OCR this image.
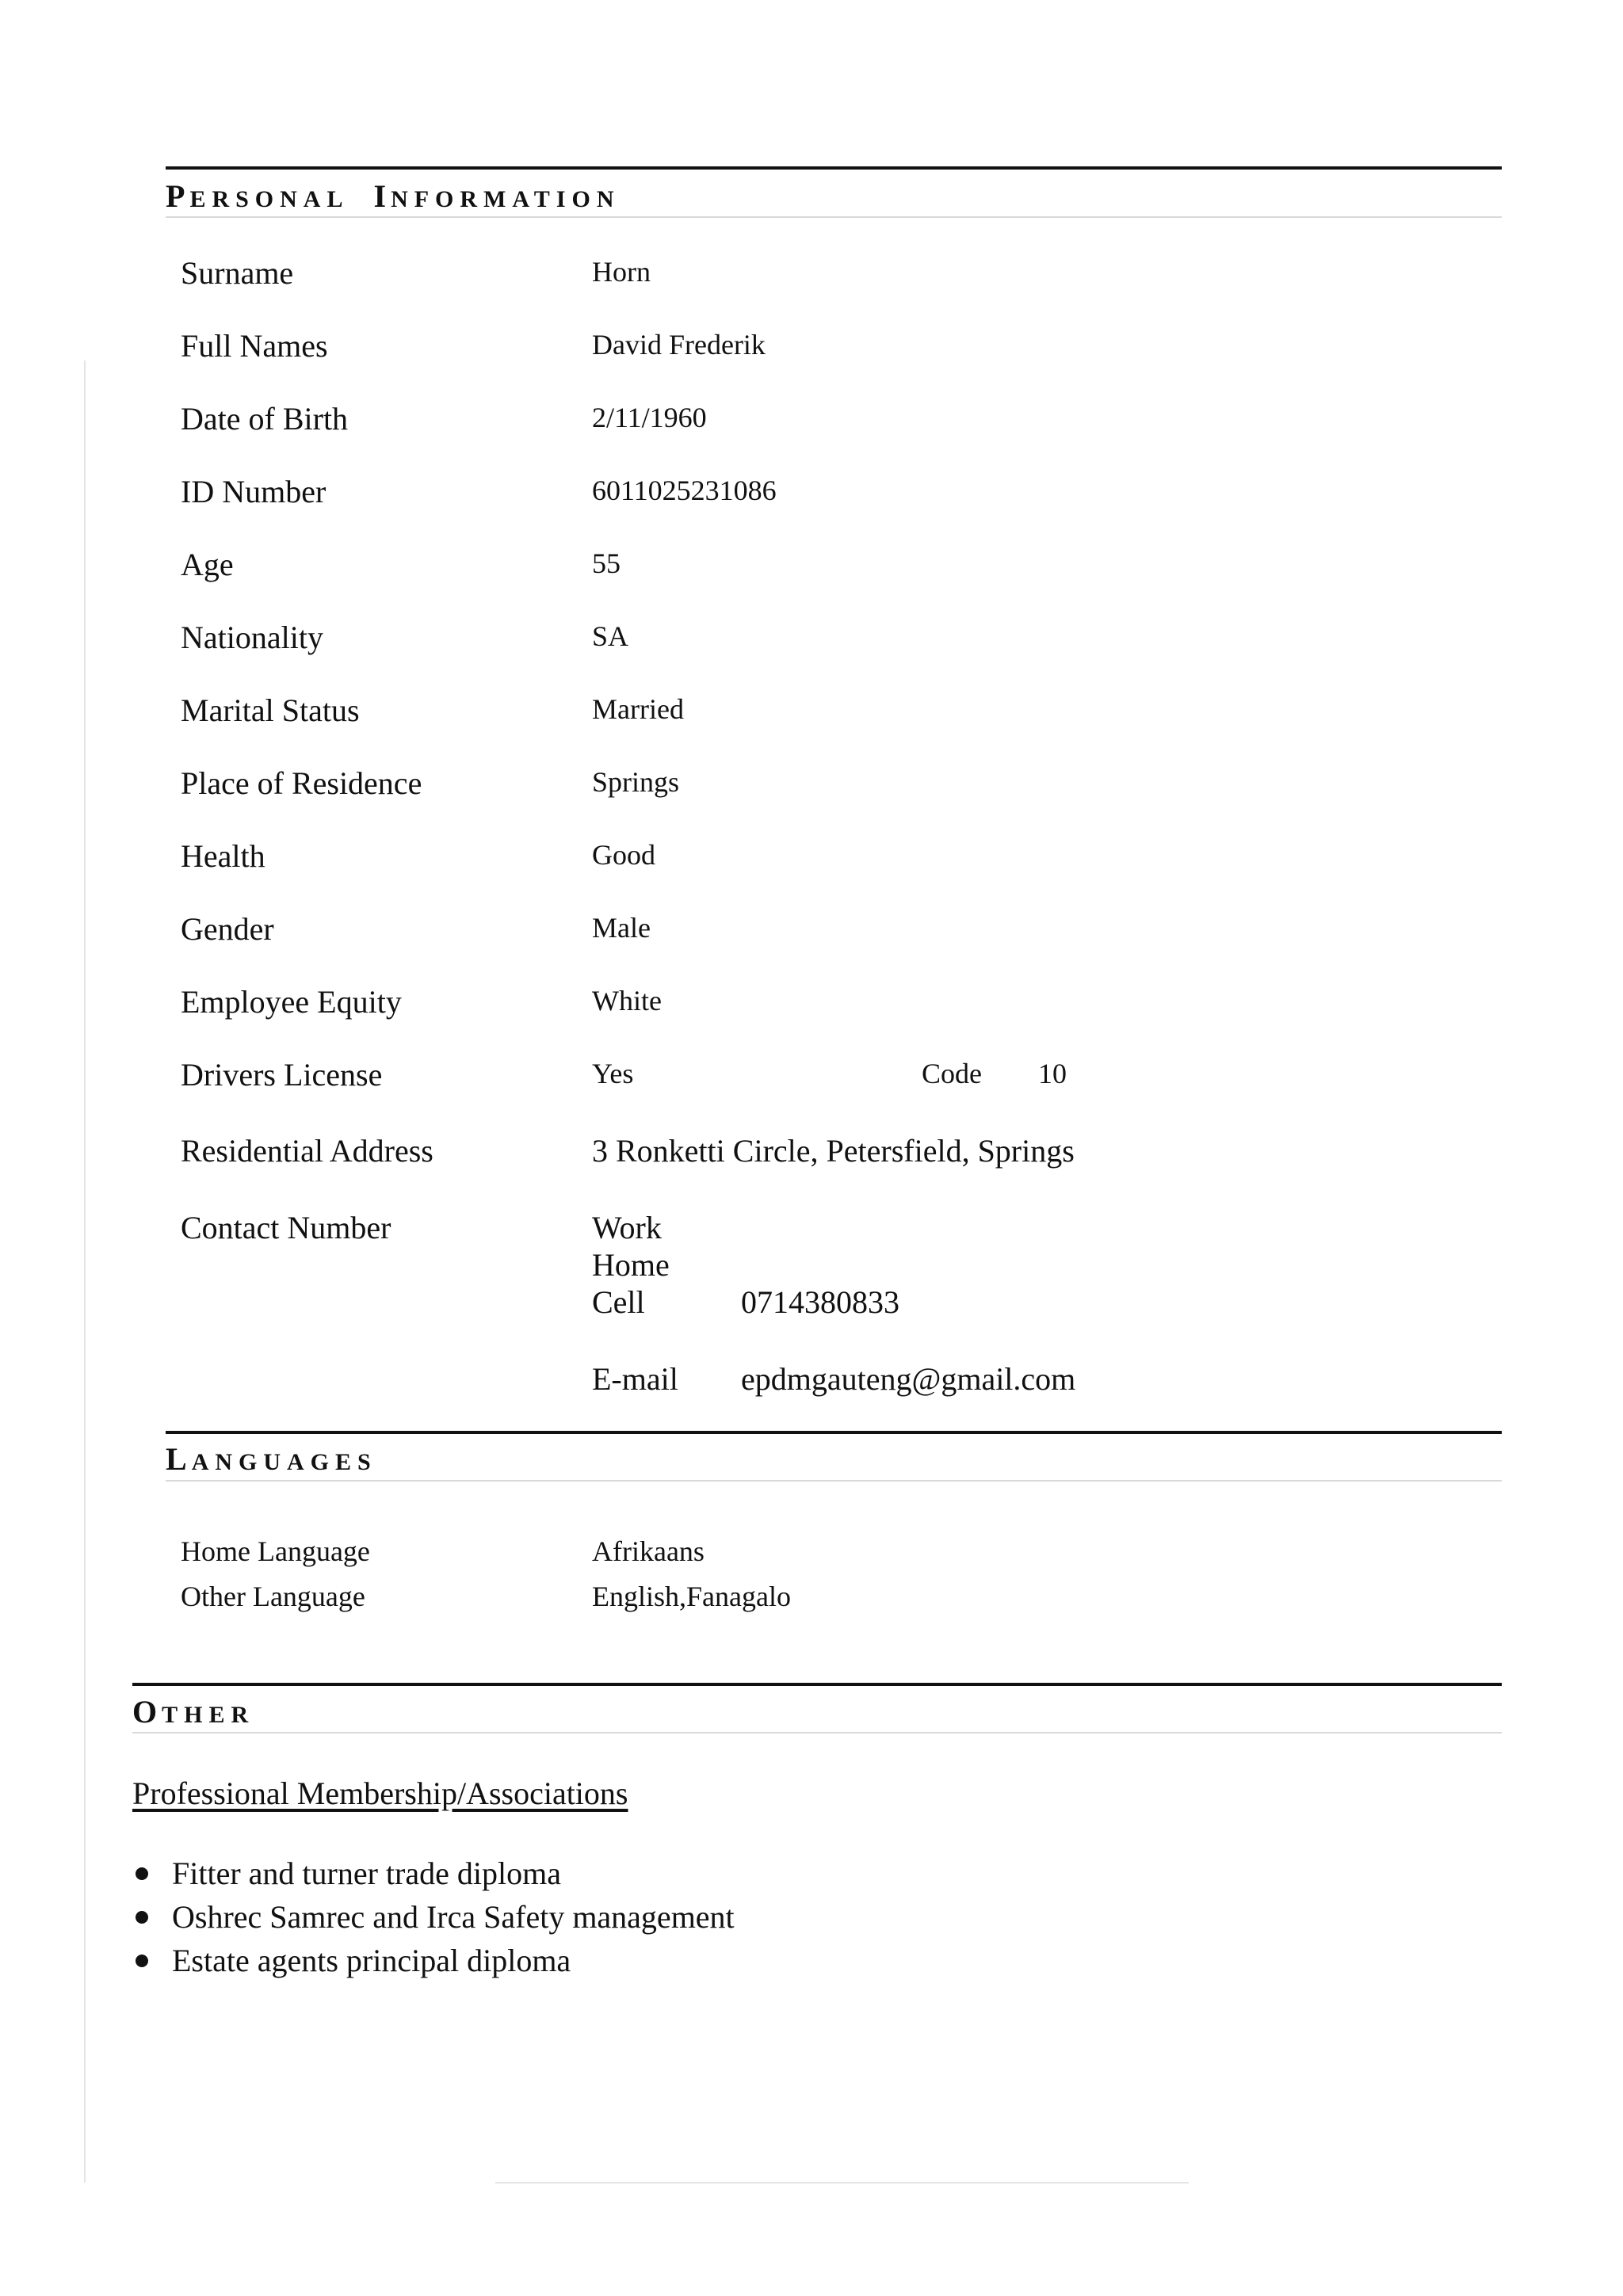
PERSONAL INFORMATION
Surname	Horn
Full Names	David Frederik
Date of Birth	2/11/1960
ID Number	6011025231086
Age	55
Nationality	SA
Marital Status	Married
Place of Residence	Springs
Health	Good
Gender	Male
Employee Equity	White
Drivers License	Yes	Code 10
Residential Address	3 Ronketti Circle, Petersfield, Springs
Contact Number	Work
Home
Cell	0714380833
E-mail epdmgauteng@gmail.com
LANGUAGES
Home Language	Afrikaans
Other Language	English,Fanagalo
OTHER
Professional Membership/Associations
Fitter and turner trade diploma
Oshrec Samrec and Irca Safety management
Estate agents principal diploma
